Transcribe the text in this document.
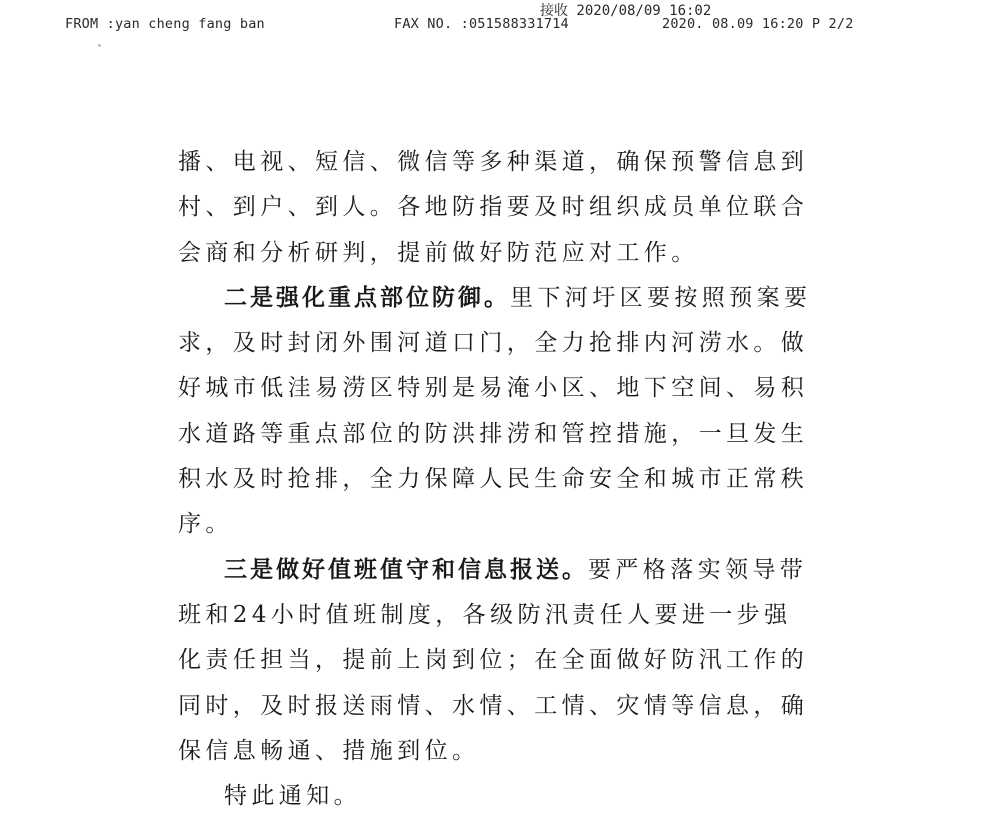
FROM :yan cheng fang ban	FAX NO. :051588331714	2020. 08.09 16:20 P 2/2
接收 2020/08/09 16:02

播、电视、短信、微信等多种渠道，确保预警信息到村、到户、到人。各地防指要及时组织成员单位联合会商和分析研判，提前做好防范应对工作。

二是强化重点部位防御。里下河圩区要按照预案要求，及时封闭外围河道口门，全力抢排内河涝水。做好城市低洼易涝区特别是易淹小区、地下空间、易积水道路等重点部位的防洪排涝和管控措施，一旦发生积水及时抢排，全力保障人民生命安全和城市正常秩序。

三是做好值班值守和信息报送。要严格落实领导带班和24小时值班制度，各级防汛责任人要进一步强化责任担当，提前上岗到位；在全面做好防汛工作的同时，及时报送雨情、水情、工情、灾情等信息，确保信息畅通、措施到位。

特此通知。
